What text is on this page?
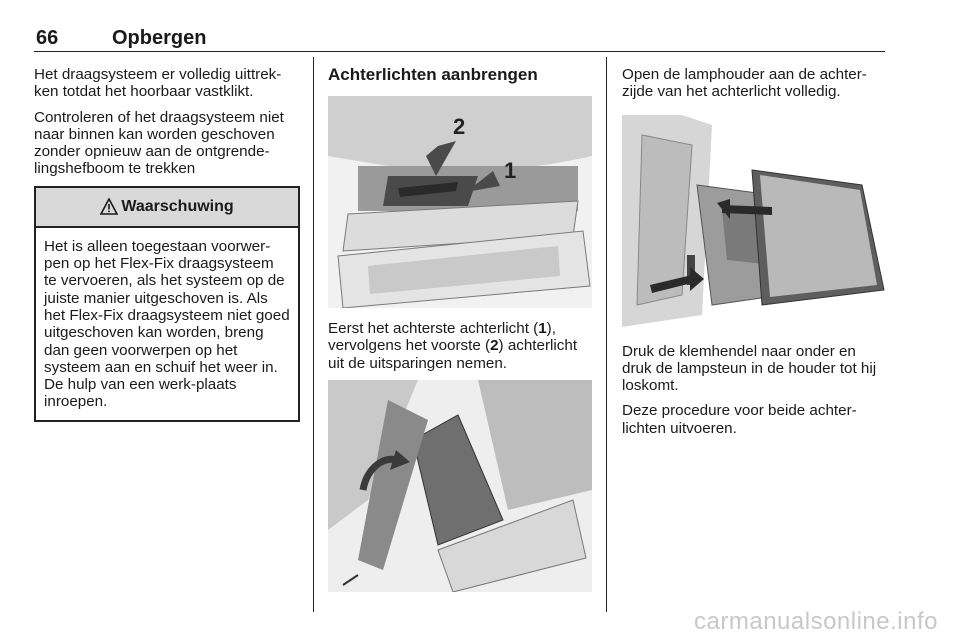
66	Opbergen

Het draagsysteem er volledig uittrek-ken totdat het hoorbaar vastklikt.

Controleren of het draagsysteem niet naar binnen kan worden geschoven zonder opnieuw aan de ontgrende-lingshefboom te trekken

Waarschuwing
Het is alleen toegestaan voorwer-pen op het Flex-Fix draagsysteem te vervoeren, als het systeem op de juiste manier uitgeschoven is. Als het Flex-Fix draagsysteem niet goed uitgeschoven kan worden, breng dan geen voorwerpen op het systeem aan en schuif het weer in. De hulp van een werk-plaats inroepen.
Achterlichten aanbrengen
2
1

Eerst het achterste achterlicht (1), vervolgens het voorste (2) achterlicht uit de uitsparingen nemen.

Open de lamphouder aan de achter-zijde van het achterlicht volledig.

Druk de klemhendel naar onder en druk de lampsteun in de houder tot hij loskomt.

Deze procedure voor beide achter-lichten uitvoeren.

carmanualsonline.info
